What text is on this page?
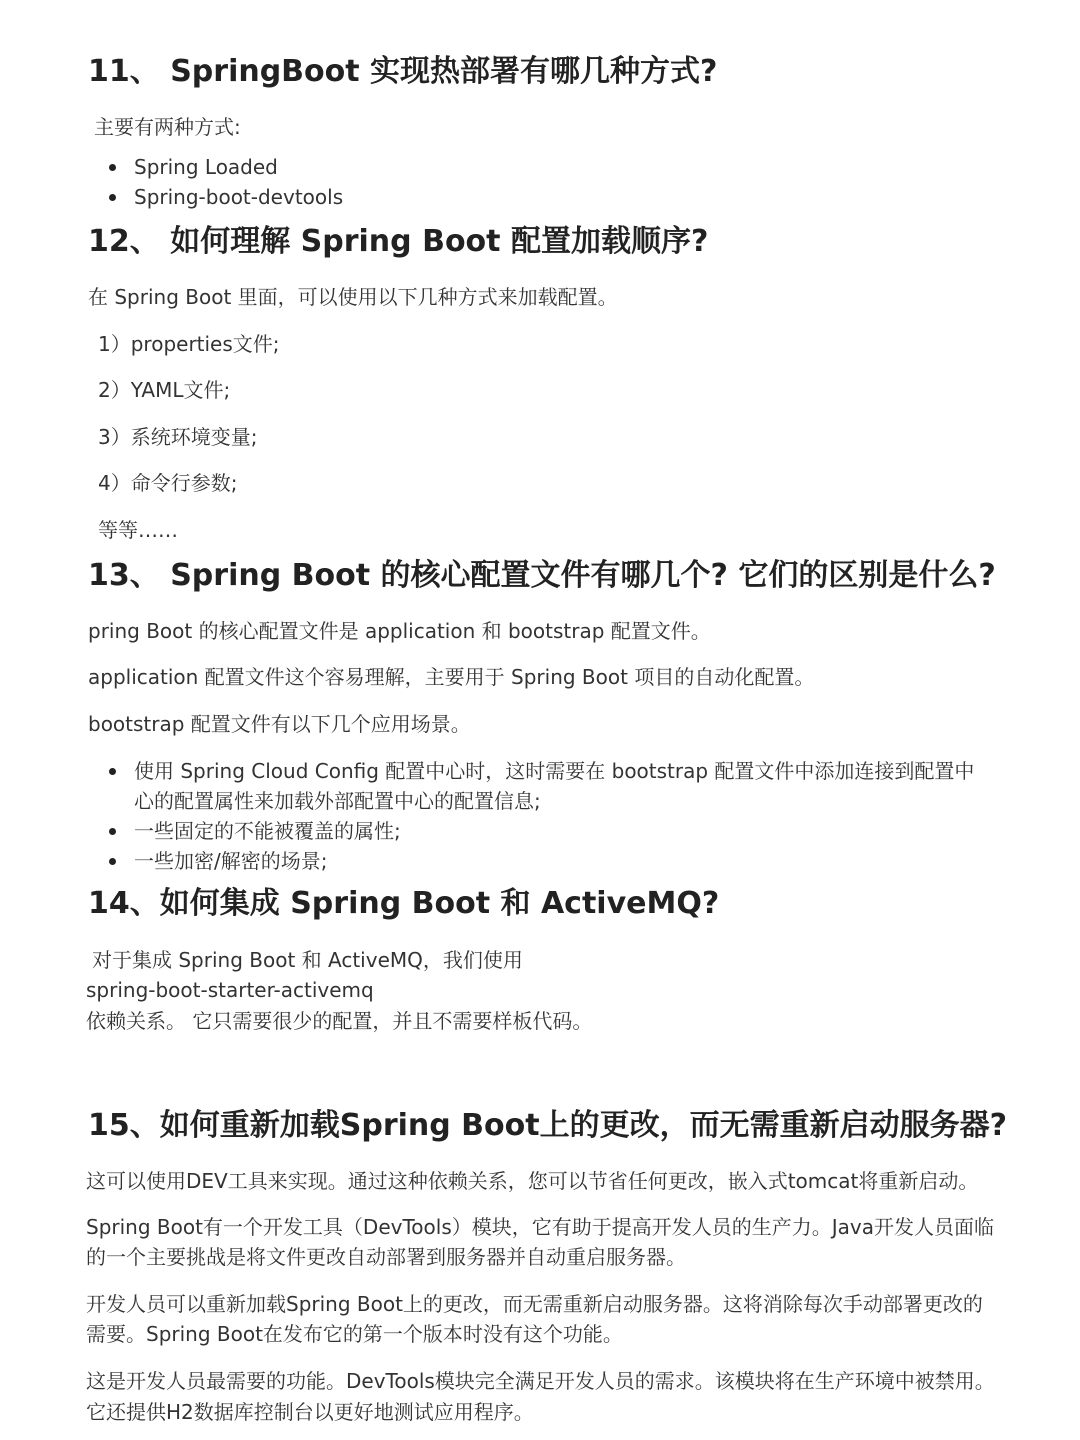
11、 SpringBoot 实现热部署有哪几种方式?

主要有两种方式:

Spring Loaded
Spring-boot-devtools
12、 如何理解 Spring Boot 配置加载顺序?

在 Spring Boot 里面，可以使用以下几种方式来加载配置。

1）properties文件;
2）YAML文件;
3）系统环境变量;
4）命令行参数;

等等……

13、 Spring Boot 的核心配置文件有哪几个? 它们的区别是什么?

pring Boot 的核心配置文件是 application 和 bootstrap 配置文件。

application 配置文件这个容易理解，主要用于 Spring Boot 项目的自动化配置。

bootstrap 配置文件有以下几个应用场景。

使用 Spring Cloud Config 配置中心时，这时需要在 bootstrap 配置文件中添加连接到配置中心的配置属性来加载外部配置中心的配置信息;
一些固定的不能被覆盖的属性;
一些加密/解密的场景;
14、如何集成 Spring Boot 和 ActiveMQ?

对于集成 Spring Boot 和 ActiveMQ，我们使用

spring-boot-starter-activemq

依赖关系。 它只需要很少的配置，并且不需要样板代码。

15、如何重新加载Spring Boot上的更改，而无需重新启动服务器?

这可以使用DEV工具来实现。通过这种依赖关系，您可以节省任何更改，嵌入式tomcat将重新启动。

Spring Boot有一个开发工具（DevTools）模块，它有助于提高开发人员的生产力。Java开发人员面临

的一个主要挑战是将文件更改自动部署到服务器并自动重启服务器。

开发人员可以重新加载Spring Boot上的更改，而无需重新启动服务器。这将消除每次手动部署更改的

需要。Spring Boot在发布它的第一个版本时没有这个功能。

这是开发人员最需要的功能。DevTools模块完全满足开发人员的需求。该模块将在生产环境中被禁用。

它还提供H2数据库控制台以更好地测试应用程序。
